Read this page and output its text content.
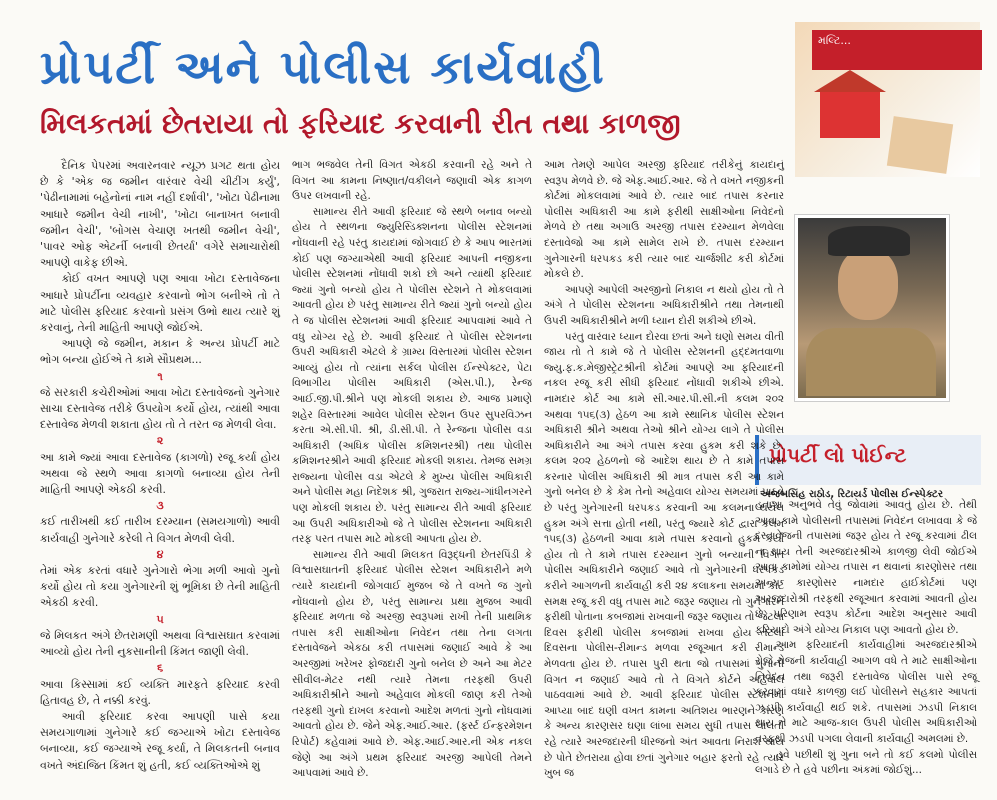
પ્રોપર્ટી અને પોલીસ કાર્યવાહી
મિલકતમાં છેતરાયા તો ફરિયાદ કરવાની રીત તથા કાળજી
મલ્ટિ...
પ્રોપર્ટી લો પોઈન્ટ
અજબસિંહ રાઠોડ, રિટાયર્ડ પોલીસ ઈન્સ્પેક્ટર

દૈનિક પેપરમાં અવારનવાર ન્યૂઝ પ્રગટ થતા હોય છે કે 'એક જ જમીન વારંવાર વેચી ચીટીંગ કર્યું', 'પેઢીનામામાં બહેનોનાં નામ નહીં દર્શાવી', 'ખોટા પેઢીનામા આધારે જમીન વેચી નાખી', 'ખોટા બાનાખત બનાવી જમીન વેચી', 'બોગસ વેચાણ ખતથી જમીન વેચી', 'પાવર ઓફ એટર્ની બનાવી છેતર્યા' વગેરે સમાચારોથી આપણે વાકેફ છીએ.

કોઈ વખત આપણે પણ આવા ખોટા દસ્તાવેજના આધારે પ્રોપર્ટીના વ્યવહાર કરવાનો ભોગ બનીએ તો તે માટે પોલીસ ફરિયાદ કરવાનો પ્રસંગ ઉભો થાય ત્યારે શું કરવાનું, તેની માહિતી આપણે જોઈએ.

આપણે જે જમીન, મકાન કે અન્ય પ્રોપર્ટી માટે ભોગ બન્યા હોઈએ તે કામે સૌપ્રથમ...

૧

જે સરકારી કચેરીઓમાં આવા ખોટા દસ્તાવેજનો ગુનેગાર સાચા દસ્તાવેજ તરીકે ઉપયોગ કર્યો હોય, ત્યાંથી આવા દસ્તાવેજ મેળવી શકાતા હોય તો તે તરત જ મેળવી લેવા.

૨

આ કામે જ્યાં આવા દસ્તાવેજ (કાગળો) રજૂ કર્યા હોય અથવા જે સ્થળે આવા કાગળો બનાવ્યા હોય તેની માહિતી આપણે એકઠી કરવી.

૩

કઈ તારીખથી કઈ તારીખ દરમ્યાન (સમયગાળો) આવી કાર્યવાહી ગુનેગારે કરેલી તે વિગત મેળવી લેવી.

૪

તેમાં એક કરતાં વધારે ગુનેગારો ભેગા મળી આવો ગુનો કર્યો હોય તો કયા ગુનેગારની શું ભૂમિકા છે તેની માહિતી એકઠી કરવી.

૫

જે મિલકત અંગે છેતરામણી અથવા વિશ્વાસઘાત કરવામાં આવ્યો હોય તેની નુકસાનીની કિંમત જાણી લેવી.

૬

આવા કિસ્સામાં કઈ વ્યક્તિ મારફતે ફરિયાદ કરવી હિતાવહ છે, તે નક્કી કરવું.

આવી ફરિયાદ કરવા આપણી પાસે કયા સમયગાળામાં ગુનેગારે કઈ જગ્યાએ ખોટા દસ્તાવેજ બનાવ્યા, કઈ જગ્યાએ રજૂ કર્યા, તે મિલકતની બનાવ વખતે અંદાજિત કિંમત શું હતી, કઈ વ્યક્તિઓએ શું

ભાગ ભજવેલ તેની વિગત એકઠી કરવાની રહે અને તે વિગત આ કામના નિષ્ણાત/વકીલને જણાવી એક કાગળ ઉપર લખવાની રહે.

સામાન્ય રીતે આવી ફરિયાદ જે સ્થળે બનાવ બન્યો હોય તે સ્થળના જ્યુરિસ્ડિક્શનના પોલીસ સ્ટેશનમાં નોંધવાની રહે પરંતુ કાયદામાં જોગવાઈ છે કે આપ ભારતમાં કોઈ પણ જગ્યાએથી આવી ફરિયાદ આપની નજીકના પોલીસ સ્ટેશનમાં નોંધાવી શકો છો અને ત્યાંથી ફરિયાદ જ્યાં ગુનો બન્યો હોય તે પોલીસ સ્ટેશને તે મોકલવામાં આવતી હોય છે પરંતુ સામાન્ય રીતે જ્યાં ગુનો બન્યો હોય તે જ પોલીસ સ્ટેશનમાં આવી ફરિયાદ આપવામાં આવે તે વધુ યોગ્ય રહે છે. આવી ફરિયાદ તે પોલીસ સ્ટેશનના ઉપરી અધિકારી એટલે કે ગ્રામ્ય વિસ્તારમાં પોલીસ સ્ટેશન આવ્યું હોય તો ત્યાંના સર્કલ પોલીસ ઈન્સ્પેક્ટર, પેટા વિભાગીય પોલીસ અધિકારી (એસ.પી.), રેન્જ આઈ.જી.પી.શ્રીને પણ મોકલી શકાય છે. આજ પ્રમાણે શહેર વિસ્તારમાં આવેલ પોલીસ સ્ટેશન ઉપર સુપરવિઝન કરતા એ.સી.પી. શ્રી, ડી.સી.પી. તે રેન્જના પોલીસ વડા અધિકારી (અધિક પોલીસ કમિશનરશ્રી) તથા પોલીસ કમિશનરશ્રીને આવી ફરિયાદ મોકલી શકાય. તેમજ સમગ્ર રાજ્યના પોલીસ વડા એટલે કે મુખ્ય પોલીસ અધિકારી અને પોલીસ મહા નિદેશક શ્રી, ગુજરાત રાજ્ય-ગાંધીનગરને પણ મોકલી શકાય છે. પરંતુ સામાન્ય રીતે આવી ફરિયાદ આ ઉપરી અધિકારીઓ જે તે પોલીસ સ્ટેશનના અધિકારી તરફ પરત તપાસ માટે મોકલી આપતા હોય છે.

સામાન્ય રીતે આવી મિલકત વિરૂદ્ધની છેતરપિંડી કે વિશ્વાસઘાતની ફરિયાદ પોલીસ સ્ટેશન અધિકારીને મળે ત્યારે કાયદાની જોગવાઈ મુજબ જે તે વખતે જ ગુનો નોંધવાનો હોય છે, પરંતુ સામાન્ય પ્રથા મુજબ આવી ફરિયાદ મળતા જે અરજી સ્વરૂપમાં રાખી તેની પ્રાથમિક તપાસ કરી સાક્ષીઓના નિવેદન તથા તેના લગતા દસ્તાવેજને એકઠા કરી તપાસમાં જણાઈ આવે કે આ અરજીમાં ખરેખર ફોજદારી ગુનો બનેલ છે અને આ મેટર સીવીલ-મેટર નથી ત્યારે તેમના તરફથી ઉપરી અધિકારીશ્રીને આનો અહેવાલ મોકલી જાણ કરી તેઓ તરફથી ગુનો દાખલ કરવાનો આદેશ મળતાં ગુનો નોંધવામાં આવતો હોય છે. જેને એફ.આઈ.આર. (ફર્સ્ટ ઈન્ફરમેશન રિપોર્ટ) કહેવામાં આવે છે. એફ.આઈ.આર.ની એક નકલ જેણે આ અંગે પ્રથમ ફરિયાદ અરજી આપેલી તેમને આપવામાં આવે છે.

આમ તેમણે આપેલ અરજી ફરિયાદ તરીકેનું કાયદાનું સ્વરૂપ મેળવે છે. જે એફ.આઈ.આર. જે તે વખતે નજીકની કોર્ટમાં મોકલવામાં આવે છે. ત્યાર બાદ તપાસ કરનાર પોલીસ અધિકારી આ કામે ફરીથી સાક્ષીઓના નિવેદનો મેળવે છે તથા અગાઉ અરજી તપાસ દરમ્યાન મેળવેલા દસ્તાવેજો આ કામે સામેલ રાખે છે. તપાસ દરમ્યાન ગુનેગારની ધરપકડ કરી ત્યાર બાદ ચાર્જશીટ કરી કોર્ટમાં મોકલે છે.

આપણે આપેલી અરજીનો નિકાલ ન થયો હોય તો તે અંગે તે પોલીસ સ્ટેશનના અધિકારીશ્રીને તથા તેમનાથી ઉપરી અધિકારીશ્રીને મળી ધ્યાન દોરી શકીએ છીએ.

પરંતુ વારંવાર ધ્યાન દોરવા છતાં અને ઘણો સમય વીતી જાય તો તે કામે જે તે પોલીસ સ્ટેશનની હદ્દમતવાળા જ્યુ.ફ.ક.મેજીસ્ટ્રેટશ્રીની કોર્ટમાં આપણે આ ફરિયાદની નકલ રજૂ કરી સીધી ફરિયાદ નોંધાવી શકીએ છીએ. નામદાર કોર્ટ આ કામે સી.આર.પી.સી.ની કલમ ૨૦૨ અથવા ૧૫૬(૩) હેઠળ આ કામે સ્થાનિક પોલીસ સ્ટેશન અધિકારી શ્રીને અથવા તેઓ શ્રીને યોગ્ય લાગે તે પોલીસ અધિકારીને આ અંગે તપાસ કરવા હુકમ કરી શકે છે. કલમ ૨૦૨ હેઠળનો જે આદેશ થાય છે તે કામે તપાસ કરનાર પોલીસ અધિકારી શ્રી માત્ર તપાસ કરી આ કામે ગુનો બનેલ છે કે કેમ તેનો અહેવાલ યોગ્ય સમયમાં પાઠવે છે પરંતુ ગુનેગારની ધરપકડ કરવાની આ કલમના થયેલ હુકમ અંગે સત્તા હોતી નથી, પરંતુ જ્યારે કોર્ટ દ્વારા કલમ ૧૫૬(૩) હેઠળની આવા કામે તપાસ કરવાનો હુકમ કર્યો હોય તો તે કામે તપાસ દરમ્યાન ગુનો બન્યાની વિગત પોલીસ અધિકારીને જણાઈ આવે તો ગુનેગારની ધરપકડ કરીને આગળની કાર્યવાહી કરી ૨૪ કલાકના સમયમાં કોર્ટ સમક્ષ રજૂ કરી વધુ તપાસ માટે જરૂર જણાય તો ગુનેગારને ફરીથી પોતાના કબજામાં રાખવાની જરૂર જણાય તો જેટલા દિવસ ફરીથી પોલીસ કબજામાં રાખવા હોય તેટલા દિવસના પોલીસ-રીમાન્ડ મળવા રજૂઆત કરી રીમાન્ડ મેળવતા હોય છે. તપાસ પુરી થતા જો તપાસમાં ગુનાની વિગત ન જણાઈ આવે તો તે વિગતે કોર્ટને અહેવાલ પાઠવવામાં આવે છે. આવી ફરિયાદ પોલીસ સ્ટેશનમાં આપ્યા બાદ ઘણી વખત કામના અતિશય ભારણને કારણે કે અન્ય કારણસર ઘણા લાંબા સમય સુધી તપાસ ચાલતી રહે ત્યારે અરજદારની ધીરજનો અંત આવતા નિરાશ થાય છે પોતે છેતરાયા હોવા છતાં ગુનેગાર બહાર ફરતો રહે ત્યારે ખુબ જ

હતાશા અનુભવે તેવું જોવામાં આવતું હોય છે. તેથી આવા કામે પોલીસની તપાસમાં નિવેદન લખાવવા કે જે દસ્તાવેજની તપાસમાં જરૂર હોય તે રજૂ કરવામાં ઢીલ ના થાય તેની અરજદારશ્રીએ કાળજી લેવી જોઈએ આવા કામોમાં યોગ્ય તપાસ ન થવાનાં કારણોસર તથા અન્ય કારણોસર નામદાર હાઈકોર્ટમાં પણ અરજદારોશ્રી તરફથી રજૂઆત કરવામાં આવતી હોય છે. પરિણામ સ્વરૂપ કોર્ટના આદેશ અનુસાર આવી ફરિયાદો અંગે યોગ્ય નિકાલ પણ આવતો હોય છે.

આમ ફરિયાદની કાર્યવાહીમાં અરજદારશ્રીએ રોજે રોજની કાર્યવાહી આગળ વધે તે માટે સાક્ષીઓના નિવેદન તથા જરૂરી દસ્તાવેજ પોલીસ પાસે રજૂ કરવામાં વધારે કાળજી લઈ પોલીસને સહકાર આપતાં ઝડપી કાર્યવાહી થઈ શકે. તપાસમાં ઝડપી નિકાલ થાય તે માટે આજ-કાલ ઉપરી પોલીસ અધિકારીઓ તરફથી ઝડપી પગલા લેવાની કાર્યવાહી અમલમાં છે.

હવે પછીથી શું ગુના બને તો કઈ કલમો પોલીસ લગાડે છે તે હવે પછીના અંકમાં જોઈશું...
